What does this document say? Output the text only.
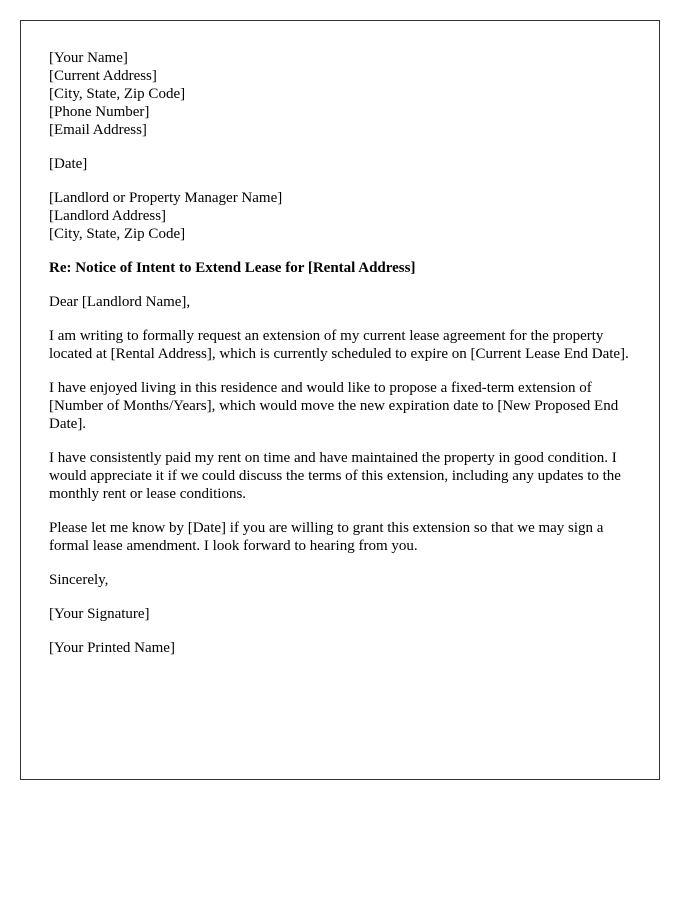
[Your Name]
[Current Address]
[City, State, Zip Code]
[Phone Number]
[Email Address]
[Date]
[Landlord or Property Manager Name]
[Landlord Address]
[City, State, Zip Code]
Re: Notice of Intent to Extend Lease for [Rental Address]

Dear [Landlord Name],

I am writing to formally request an extension of my current lease agreement for the property located at [Rental Address], which is currently scheduled to expire on [Current Lease End Date].

I have enjoyed living in this residence and would like to propose a fixed-term extension of [Number of Months/Years], which would move the new expiration date to [New Proposed End Date].

I have consistently paid my rent on time and have maintained the property in good condition. I would appreciate it if we could discuss the terms of this extension, including any updates to the monthly rent or lease conditions.

Please let me know by [Date] if you are willing to grant this extension so that we may sign a formal lease amendment. I look forward to hearing from you.

Sincerely,

[Your Signature]

[Your Printed Name]
